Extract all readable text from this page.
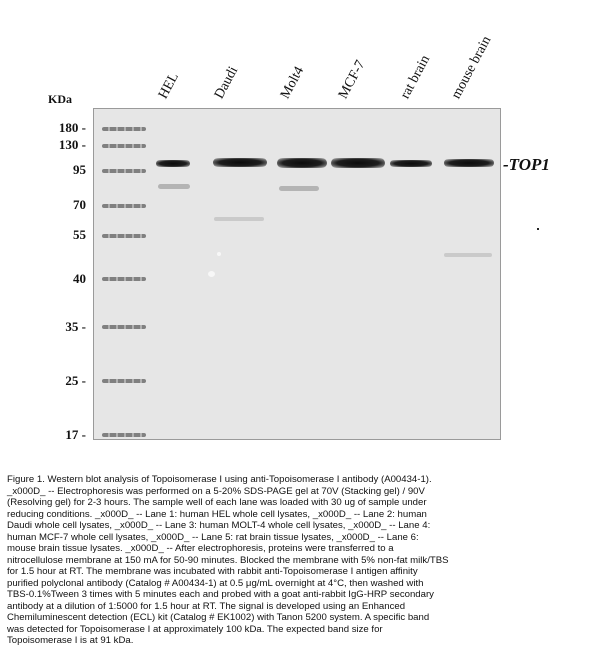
KDa
180 -
130 -
95
70
55
40
35 -
25 -
17 -
HEL Daudi	Molt4 MCF-7 rat brain mouse brain
-TOP1
Figure 1. Western blot analysis of Topoisomerase I using anti-Topoisomerase I antibody (A00434-1).
_x000D_ -- Electrophoresis was performed on a 5-20% SDS-PAGE gel at 70V (Stacking gel) / 90V
(Resolving gel) for 2-3 hours. The sample well of each lane was loaded with 30 ug of sample under
reducing conditions. _x000D_ -- Lane 1: human HEL whole cell lysates, _x000D_ -- Lane 2: human
Daudi whole cell lysates, _x000D_ -- Lane 3: human MOLT-4 whole cell lysates, _x000D_ -- Lane 4:
human MCF-7 whole cell lysates, _x000D_ -- Lane 5: rat brain tissue lysates, _x000D_ -- Lane 6:
mouse brain tissue lysates. _x000D_ -- After electrophoresis, proteins were transferred to a
nitrocellulose membrane at 150 mA for 50-90 minutes. Blocked the membrane with 5% non-fat milk/TBS
for 1.5 hour at RT. The membrane was incubated with rabbit anti-Topoisomerase I antigen affinity
purified polyclonal antibody (Catalog # A00434-1) at 0.5 μg/mL overnight at 4°C, then washed with
TBS-0.1%Tween 3 times with 5 minutes each and probed with a goat anti-rabbit IgG-HRP secondary
antibody at a dilution of 1:5000 for 1.5 hour at RT. The signal is developed using an Enhanced
Chemiluminescent detection (ECL) kit (Catalog # EK1002) with Tanon 5200 system. A specific band
was detected for Topoisomerase I at approximately 100 kDa. The expected band size for
Topoisomerase I is at 91 kDa.
